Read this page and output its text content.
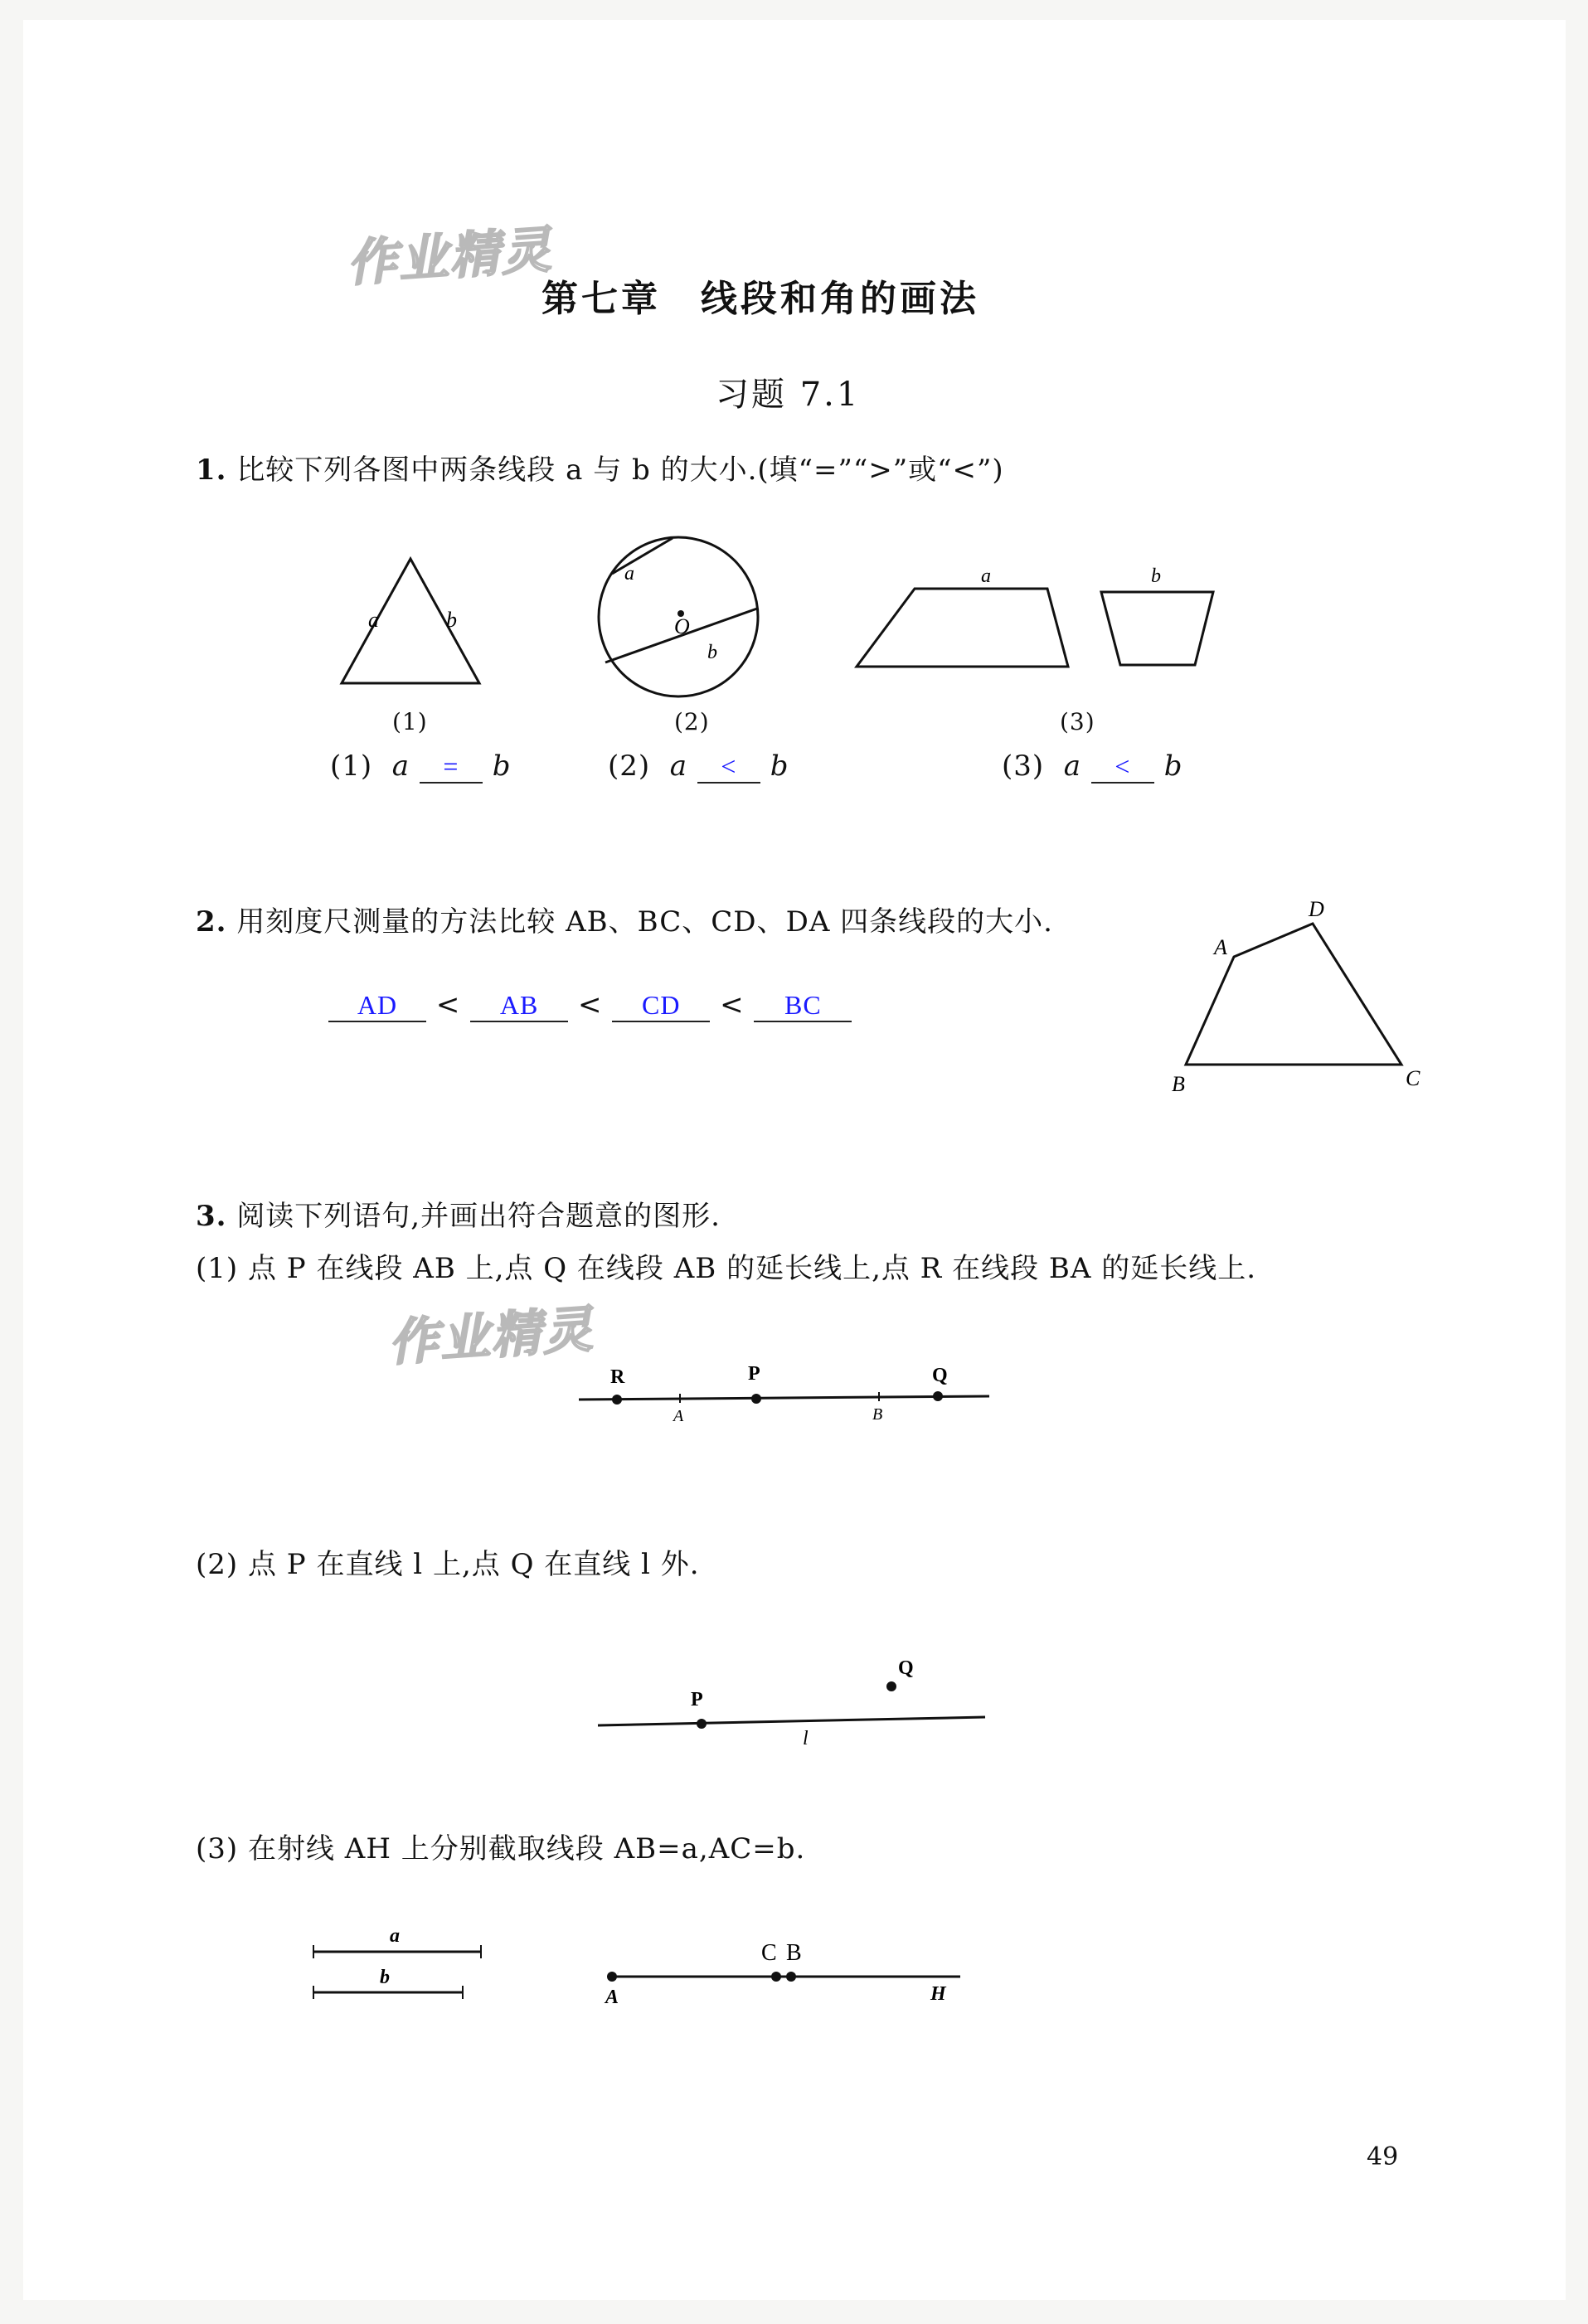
作业精灵
作业精灵
第七章　线段和角的画法
习题 7.1
1. 比较下列各图中两条线段 a 与 b 的大小.(填“=”“>”或“<”)
a	b
a
O
b
a	b
(1)	(2)	(3)
(1) a = b	(2) a < b	(3) a < b
2. 用刻度尺测量的方法比较 AB、BC、CD、DA 四条线段的大小.
AD < AB < CD < BC
A
D
B	C
3. 阅读下列语句,并画出符合题意的图形.
(1) 点 P 在线段 AB 上,点 Q 在线段 AB 的延长线上,点 R 在线段 BA 的延长线上.
R	P	Q
A	B
(2) 点 P 在直线 l 上,点 Q 在直线 l 外.
P
Q
l
(3) 在射线 AH 上分别截取线段 AB=a,AC=b.
a
b
C B
A	H
49
